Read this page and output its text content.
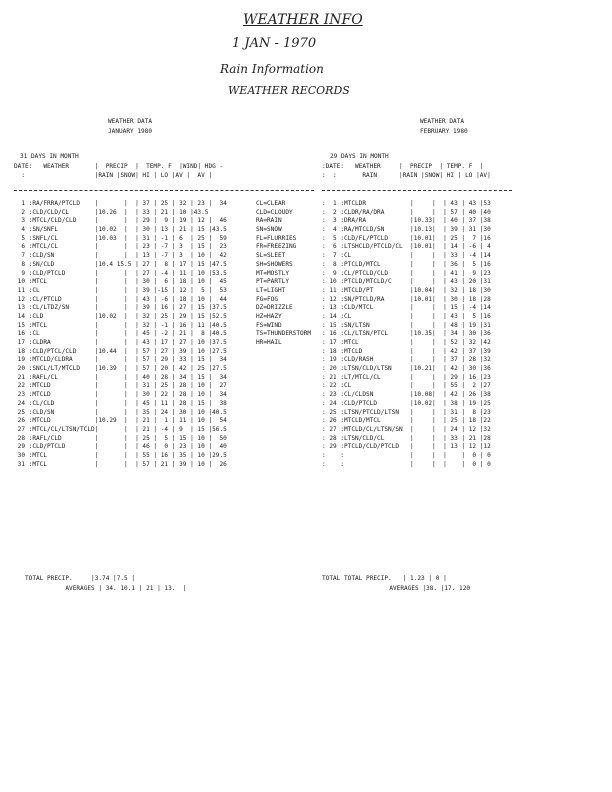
WEATHER INFO
1 JAN - 1970
Rain Information
WEATHER RECORDS
WEATHER DATA
JANUARY 1980
31 DAYS IN MONTH
DATE:   WEATHER       |  PRECIP  |  TEMP. F  |WIND| HDG -
:                   |RAIN |SNOW| HI | LO |AV |  AV |
WEATHER DATA
FEBRUARY 1980
29 DAYS IN MONTH
:DATE:   WEATHER     |  PRECIP  | TEMP. F  |
:  :       RAIN      |RAIN |SNOW| HI | LO |AV|
1 :RA/FRRA/PTCLD    |       |  | 37 | 25 | 32 | 23 |  34
2 :CLD/CLD/CL       |10.26  |  | 33 | 21 | 10 |43.5
3 :MTCL/CLD/CLD     |       |  | 29 |  9 | 19 | 12 |  46
4 :SN/SNFL          |10.02  |  | 30 | 13 | 21 | 15 |43.5
5 :SNFL/CL          |10.03  |  | 31 | -1 | 6  | 25 |  59
6 :MTCL/CL          |       |  | 23 | -7 | 3  | 15 |  23
7 :CLD/SN           |       |  | 13 | -7 | 3  | 10 |  42
8 :SN/CLD           |10.4 15.5 | 27 |  8 | 17 | 15 |47.5
9 :CLD/PTCLD        |       |  | 27 | -4 | 11 | 10 |53.5
10 :MTCL             |       |  | 30 |  6 | 18 | 10 |  45
11 :CL               |       |  | 39 |-15 | 12 |  5 |  53
12 :CL/PTCLD         |       |  | 43 | -6 | 18 | 10 |  44
13 :CL/LTDZ/SN       |       |  | 39 | 16 | 27 | 15 |37.5
14 :CLD              |10.02  |  | 32 | 25 | 29 | 15 |52.5
15 :MTCL             |       |  | 32 | -1 | 16 | 11 |40.5
16 :CL               |       |  | 45 | -2 | 21 |  8 |40.5
17 :CLDRA            |       |  | 43 | 17 | 27 | 10 |37.5
18 :CLD/PTCL/CLD     |10.44  |  | 57 | 27 | 39 | 10 |27.5
19 :MTCLD/CLDRA      |       |  | 57 | 29 | 33 | 15 |  34
20 :SNCL/LT/MTCLD    |10.39  |  | 57 | 20 | 42 | 25 |27.5
21 :RAFL/CL          |       |  | 40 | 28 | 34 | 15 |  34
22 :MTCLD            |       |  | 31 | 25 | 28 | 10 |  27
23 :MTCLD            |       |  | 30 | 22 | 28 | 10 |  34
24 :CL/CLD           |       |  | 45 | 11 | 28 | 15 |  38
25 :CLD/SN           |       |  | 35 | 24 | 30 | 10 |40.5
26 :MTCLD            |10.29  |  | 21 |  1 | 11 | 10 |  54
27 :MTCL/CL/LTSN/TCLD|       |  | 21 | -4 | 9  | 15 |56.5
28 :RAFL/CLD         |       |  | 25 |  5 | 15 | 10 |  50
29 :CLD/PTCLD        |       |  | 46 |  0 | 23 | 10 |  40
30 :MTCL             |       |  | 55 | 16 | 35 | 10 |29.5
31 :MTCL             |       |  | 57 | 21 | 39 | 10 |  26
CL=CLEAR
CLD=CLOUDY
RA=RAIN
SN=SNOW
FL=FLURRIES
FR=FREEZING
SL=SLEET
SH=SHOWERS
MT=MOSTLY
PT=PARTLY
LT=LIGHT
FG=FOG
DZ=DRIZZLE
HZ=HAZY
FS=WIND
TS=THUNDERSTORM
HR=HAIL
:  1 :MTCLDR            |     |  | 43 | 43 |53
:  2 :CLDR/RA/DRA       |     |  | 57 | 40 |40
:  3 :DRA/RA            |10.33|  | 40 | 37 |38
:  4 :RA/MTCLD/SN       |10.13|  | 39 | 31 |30
:  5 :CLD/FL/PTCLD      |10.01|  | 25 |  7 |16
:  6 :LTSHCLD/PTCLD/CL  |10.01|  | 14 | -6 | 4
:  7 :CL                |     |  | 33 | -4 |14
:  8 :PTCLD/MTCL        |     |  | 36 |  5 |16
:  9 :CL/PTCLD/CLD      |     |  | 41 |  9 |23
: 10 :PTCLD/MTCLD/C     |     |  | 43 | 20 |31
: 11 :MTCLD/PT          |10.04|  | 32 | 18 |30
: 12 :SN/PTCLD/RA       |10.01|  | 30 | 18 |28
: 13 :CLD/MTCL          |     |  | 15 | -4 |14
: 14 :CL                |     |  | 43 |  5 |16
: 15 :SN/LTSN           |     |  | 48 | 19 |31
: 16 :CL/LTSN/PTCL      |10.35|  | 34 | 30 |36
: 17 :MTCL              |     |  | 52 | 32 |42
: 18 :MTCLD             |     |  | 42 | 37 |39
: 19 :CLD/RASH          |     |  | 37 | 28 |32
: 20 :LTSN/CLD/LTSN     |10.21|  | 42 | 30 |36
: 21 :LT/MTCL/CL        |     |  | 29 | 16 |23
: 22 :CL                |     |  | 55 |  2 |27
: 23 :CL/CLDSN          |10.08|  | 42 | 26 |38
: 24 :CLD/PTCLD         |10.02|  | 38 | 19 |25
: 25 :LTSN/PTCLD/LTSN   |     |  | 31 |  8 |23
: 26 :MTCLD/MTCL        |     |  | 25 | 18 |22
: 27 :MTCLD/CL/LTSN/SN  |     |  | 24 | 12 |32
: 28 :LTSN/CLD/CL       |     |  | 33 | 21 |28
: 29 :PTCLD/CLD/PTCLD   |     |  | 13 | 12 |12
:    :                  |     |  |    |  0 | 0
:    :                  |     |  |    |  0 | 0
TOTAL PRECIP.     |3.74 |7.5 |
AVERAGES | 34. 10.1 | 21 | 13.  |
TOTAL TOTAL PRECIP.   | 1.23 | 0 |
AVERAGES |38. |17. 120
